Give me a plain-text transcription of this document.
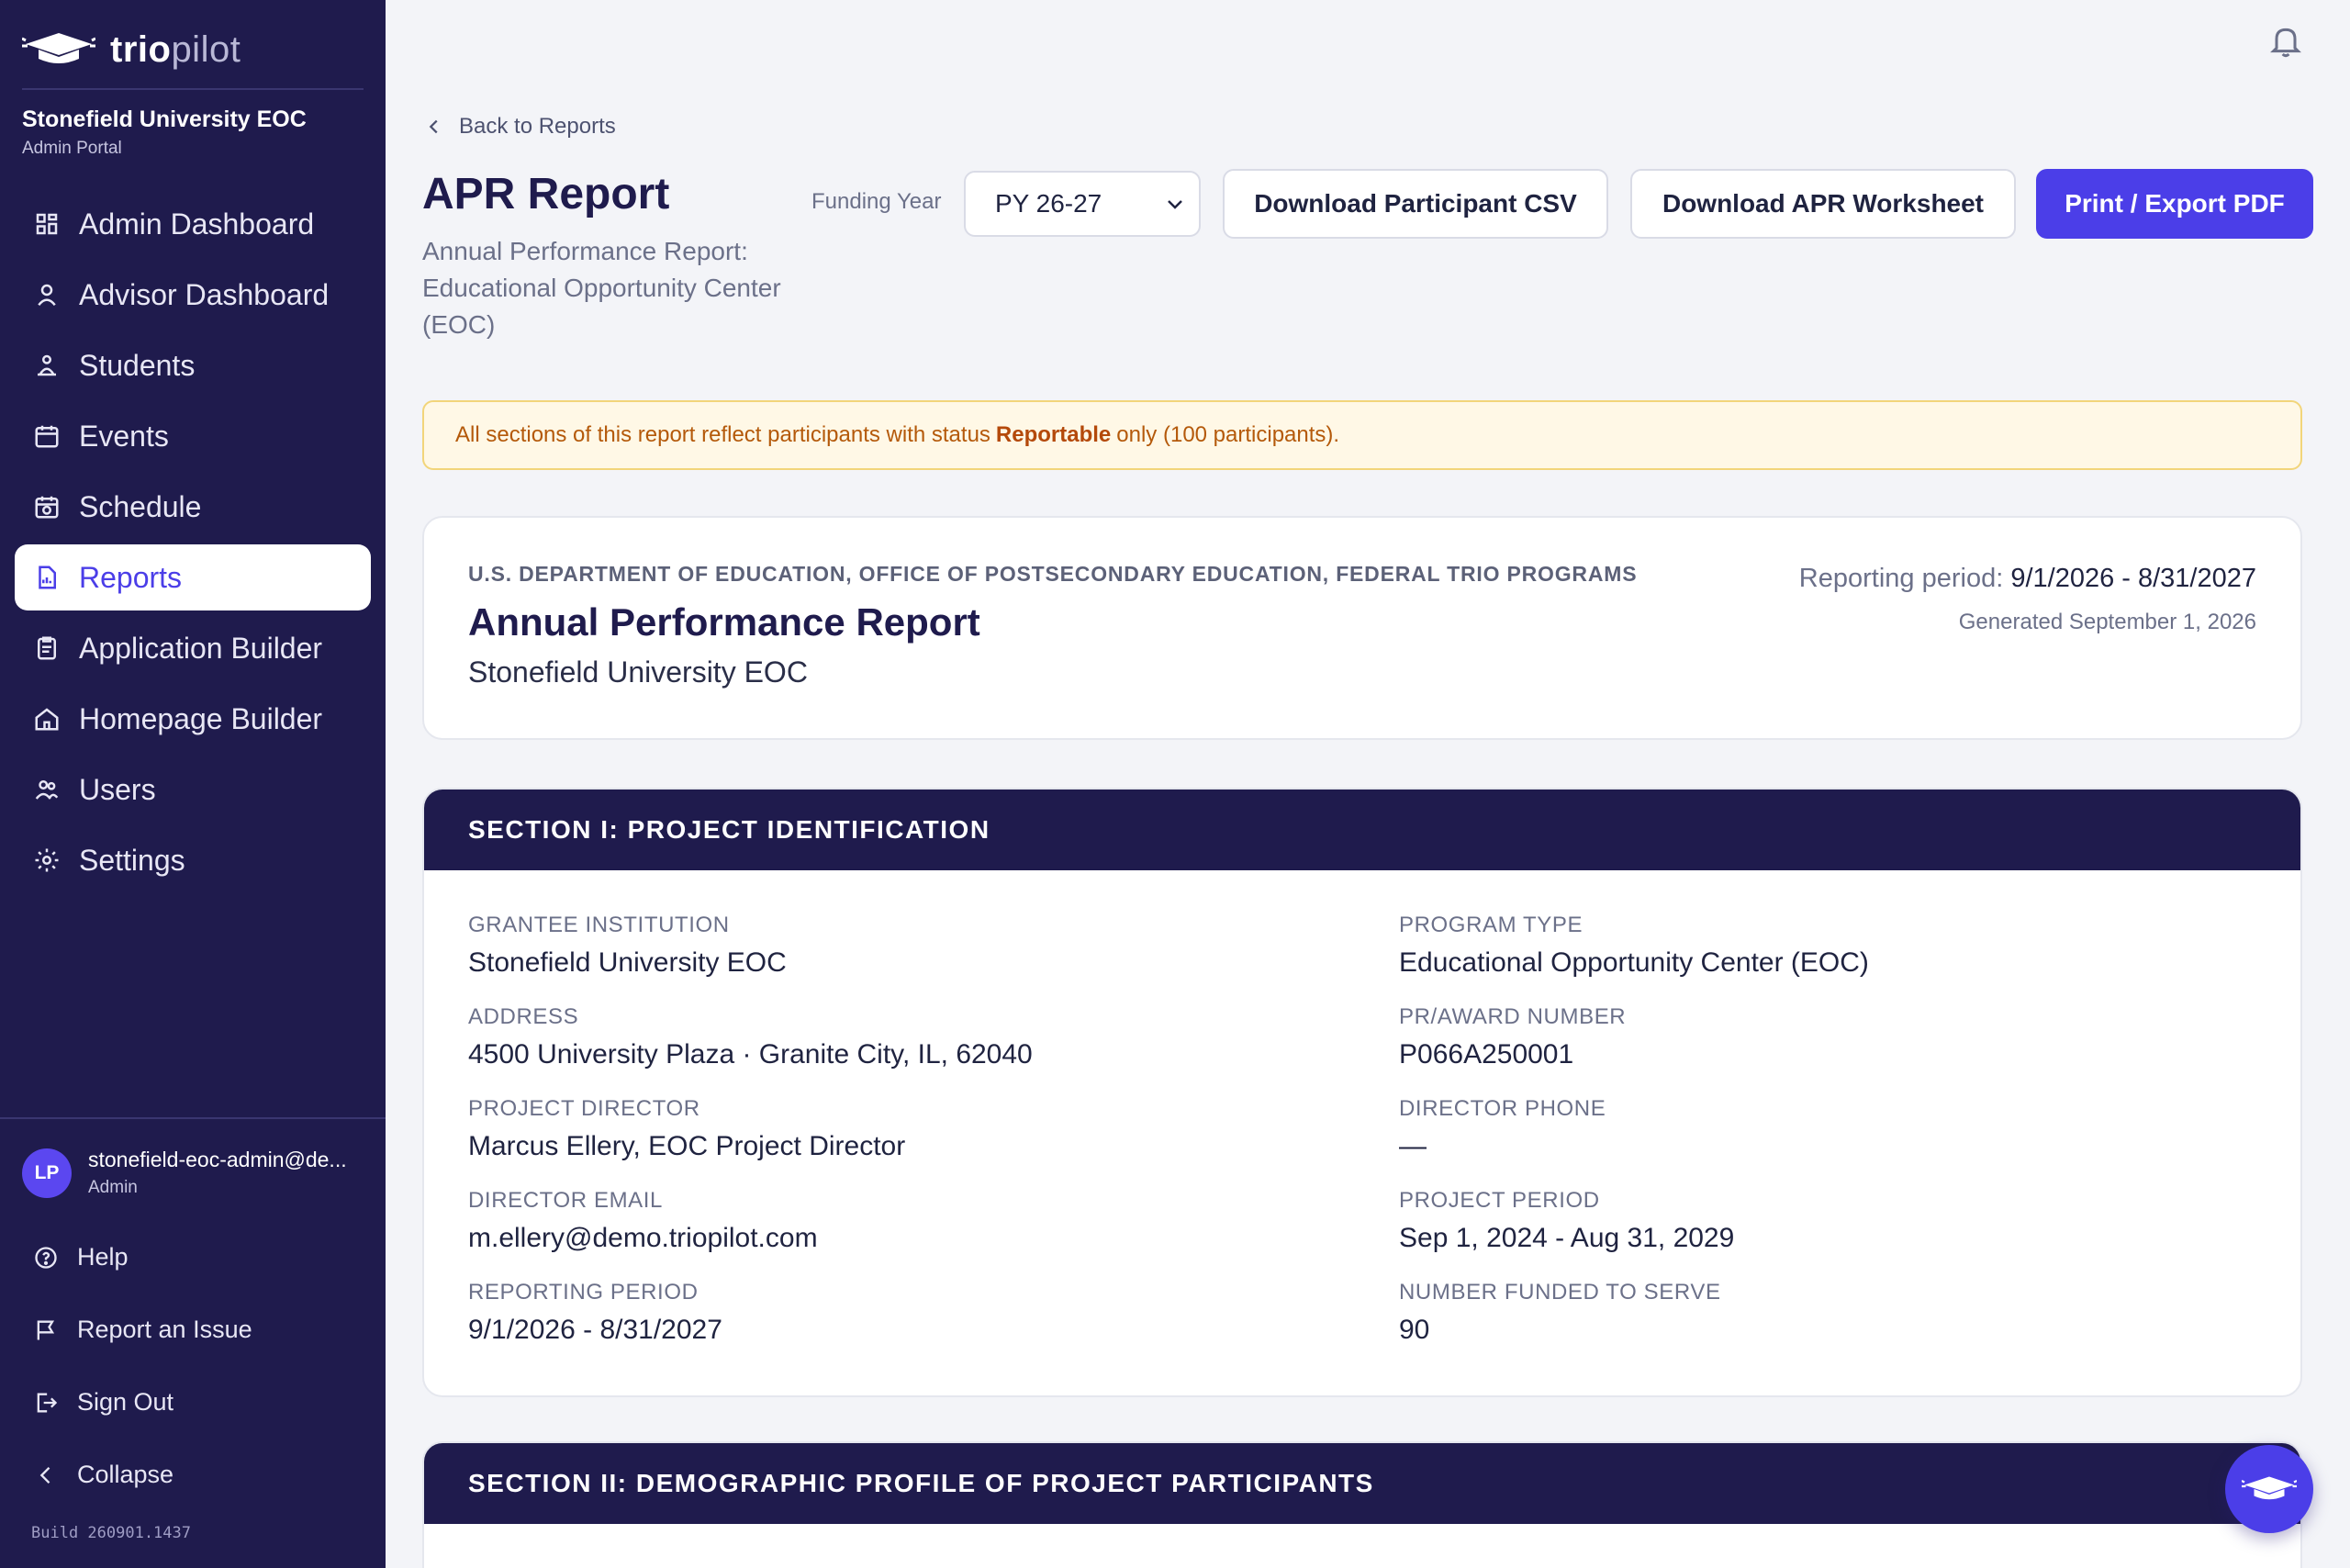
triopilot
Stonefield University EOC
Admin Portal
Admin Dashboard
Advisor Dashboard
Students
Events
Schedule
Reports
Application Builder
Homepage Builder
Users
Settings
LP
stonefield-eoc-admin@de...
Admin
Help
Report an Issue
Sign Out
Collapse
Build 260901.1437
Back to Reports
APR Report
Annual Performance Report: Educational Opportunity Center (EOC)
Funding Year PY 26-27	Download Participant CSV	Download APR Worksheet	Print / Export PDF
All sections of this report reflect participants with status Reportable only (100 participants).
U.S. DEPARTMENT OF EDUCATION, OFFICE OF POSTSECONDARY EDUCATION, FEDERAL TRIO PROGRAMS
Annual Performance Report
Stonefield University EOC
Reporting period: 9/1/2026 - 8/31/2027
Generated September 1, 2026
SECTION I: PROJECT IDENTIFICATION
GRANTEE INSTITUTION
Stonefield University EOC
ADDRESS
4500 University Plaza · Granite City, IL, 62040
PROJECT DIRECTOR
Marcus Ellery, EOC Project Director
DIRECTOR EMAIL
m.ellery@demo.triopilot.com
REPORTING PERIOD
9/1/2026 - 8/31/2027
PROGRAM TYPE
Educational Opportunity Center (EOC)
PR/AWARD NUMBER
P066A250001
DIRECTOR PHONE
—
PROJECT PERIOD
Sep 1, 2024 - Aug 31, 2029
NUMBER FUNDED TO SERVE
90
SECTION II: DEMOGRAPHIC PROFILE OF PROJECT PARTICIPANTS
